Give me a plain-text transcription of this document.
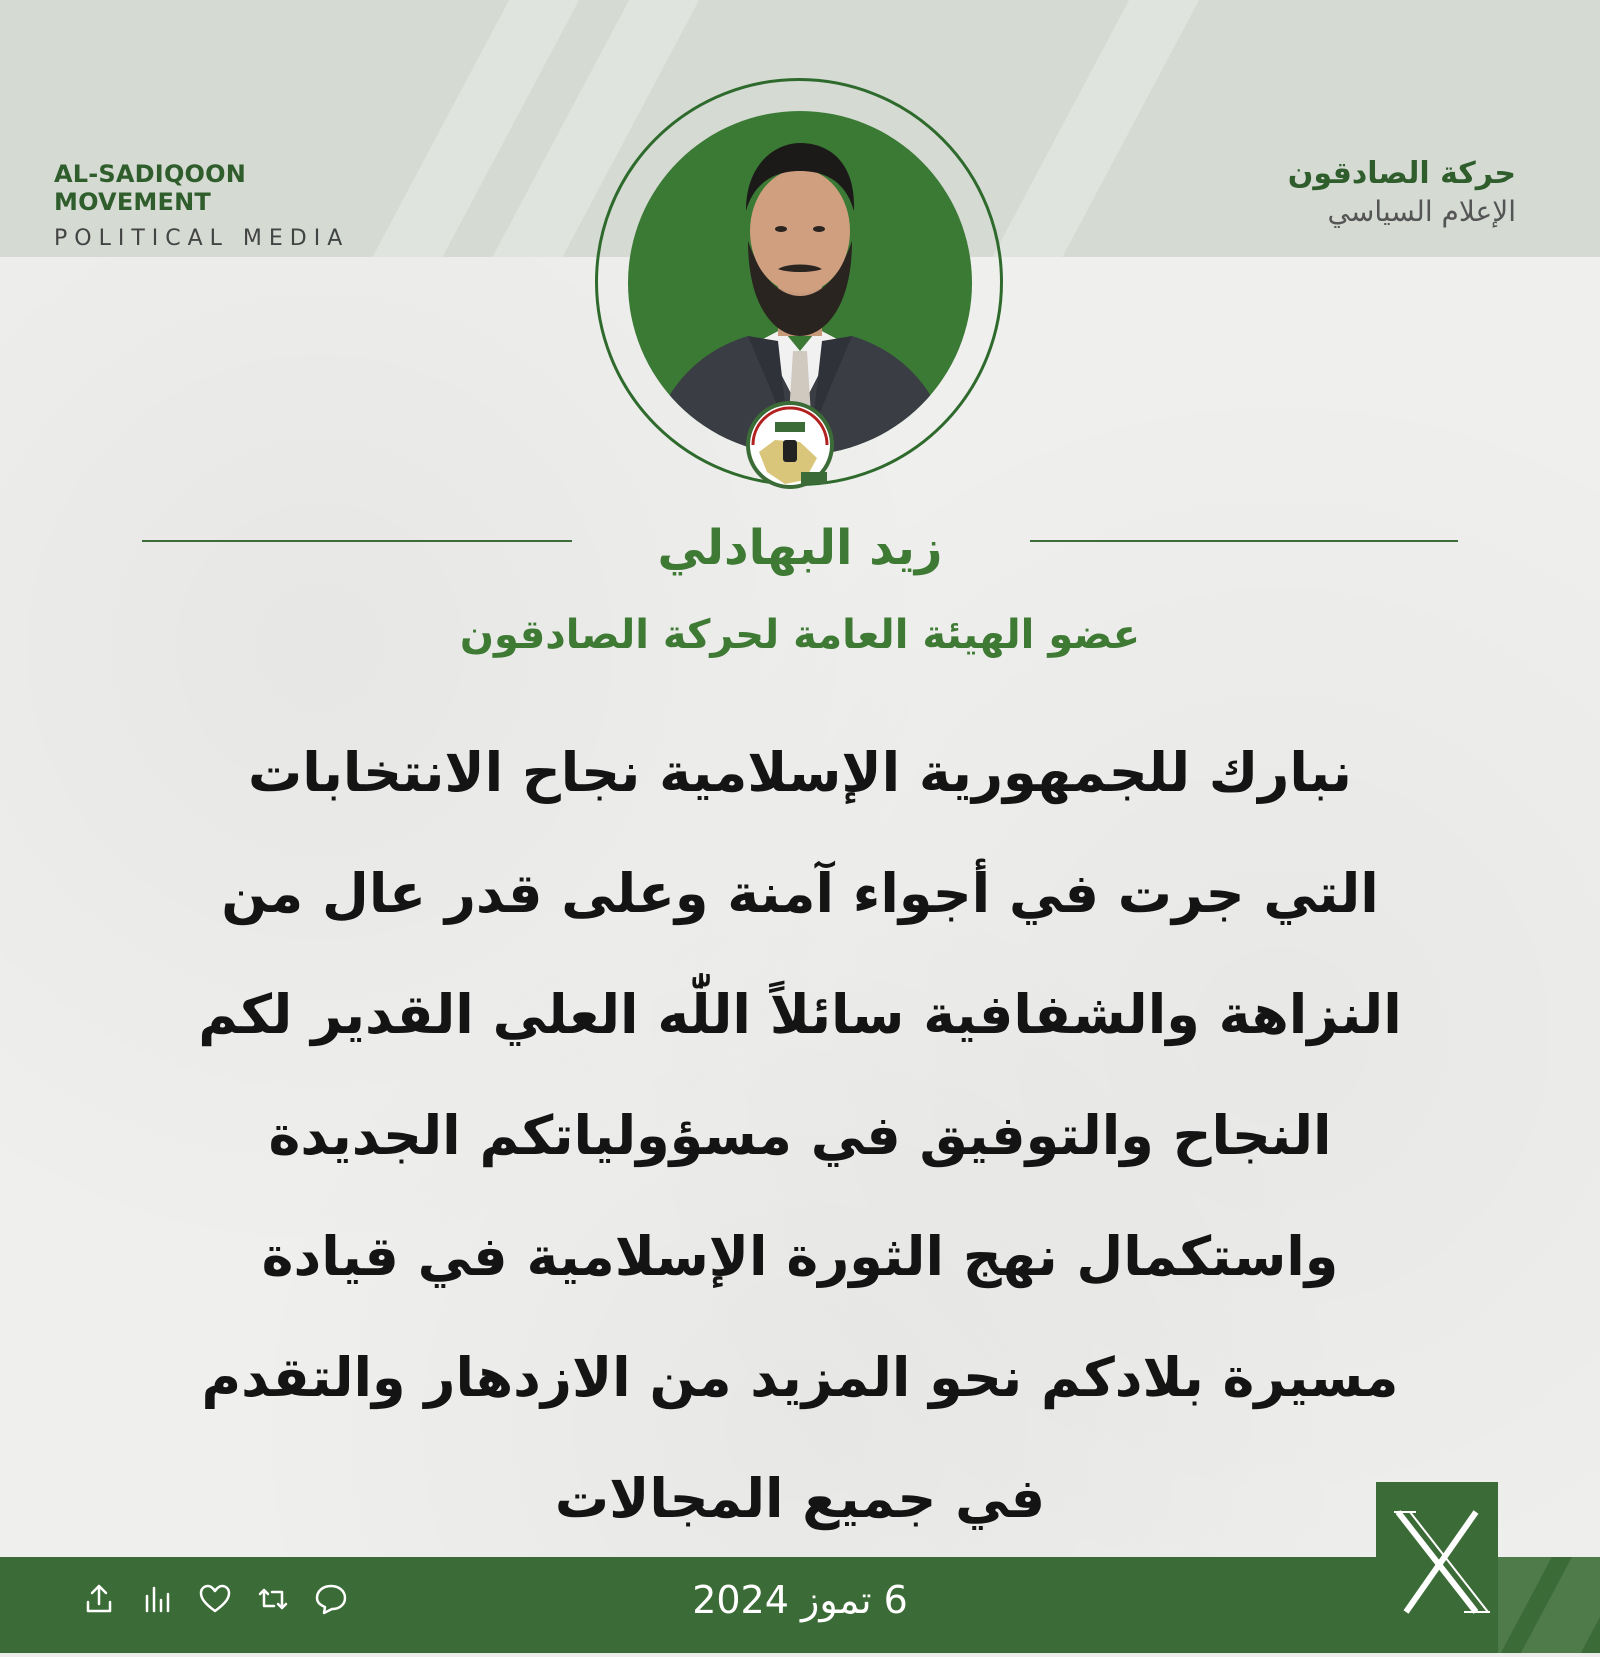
AL-SADIQOON MOVEMENT
POLITICAL MEDIA
حركة الصادقون
الإعلام السياسي
زيد البهادلي
عضو الهيئة العامة لحركة الصادقون
نبارك للجمهورية الإسلامية نجاح الانتخابات
التي جرت في أجواء آمنة وعلى قدر عال من
النزاهة والشفافية سائلاً اللّٰه العلي القدير لكم
النجاح والتوفيق في مسؤولياتكم الجديدة
واستكمال نهج الثورة الإسلامية في قيادة
مسيرة بلادكم نحو المزيد من الازدهار والتقدم
في جميع المجالات
6 تموز 2024
